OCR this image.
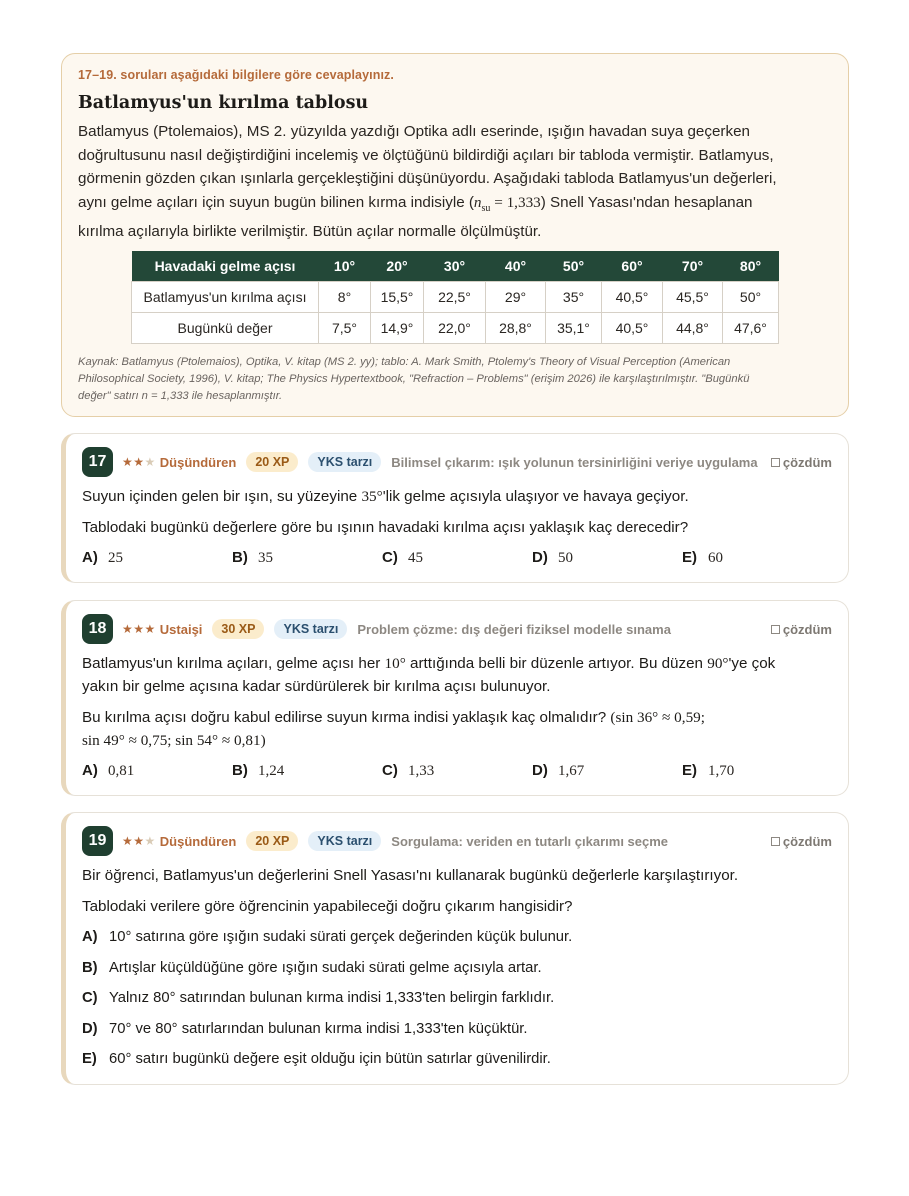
17–19. soruları aşağıdaki bilgilere göre cevaplayınız.
Batlamyus'un kırılma tablosu
Batlamyus (Ptolemaios), MS 2. yüzyılda yazdığı Optika adlı eserinde, ışığın havadan suya geçerken
doğrultusunu nasıl değiştirdiğini incelemiş ve ölçtüğünü bildirdiği açıları bir tabloda vermiştir. Batlamyus,
görmenin gözden çıkan ışınlarla gerçekleştiğini düşünüyordu. Aşağıdaki tabloda Batlamyus'un değerleri,
aynı gelme açıları için suyun bugün bilinen kırma indisiyle $(n_{su} = 1,333)$ Snell Yasası'ndan hesaplanan
kırılma açılarıyla birlikte verilmiştir. Bütün açılar normalle ölçülmüştür.
Havadaki gelme açısı	10°	20°	30°	40°	50°	60°	70°	80°
Batlamyus'un kırılma açısı	8°	15,5°	22,5°	29°	35°	40,5°	45,5°	50°
Bugünkü değer	7,5°	14,9°	22,0°	28,8°	35,1°	40,5°	44,8°	47,6°
Kaynak: Batlamyus (Ptolemaios), Optika, V. kitap (MS 2. yy); tablo: A. Mark Smith, Ptolemy's Theory of Visual Perception (American
Philosophical Society, 1996), V. kitap; The Physics Hypertextbook, "Refraction – Problems" (erişim 2026) ile karşılaştırılmıştır. "Bugünkü
değer" satırı n = 1,333 ile hesaplanmıştır.
17	★★★ Düşündüren	20 XP	YKS tarzı	Bilimsel çıkarım: ışık yolunun tersinirliğini veriye uygulama çözdüm
Suyun içinden gelen bir ışın, su yüzeyine 35°'lik gelme açısıyla ulaşıyor ve havaya geçiyor.
Tablodaki bugünkü değerlere göre bu ışının havadaki kırılma açısı yaklaşık kaç derecedir?
A) 25	B) 35	C) 45	D) 50	E) 60
18	★★★ Ustaişi	30 XP	YKS tarzı	Problem çözme: dış değeri fiziksel modelle sınama	çözdüm
Batlamyus'un kırılma açıları, gelme açısı her 10° arttığında belli bir düzenle artıyor. Bu düzen 90°'ye çok
yakın bir gelme açısına kadar sürdürülerek bir kırılma açısı bulunuyor.
Bu kırılma açısı doğru kabul edilirse suyun kırma indisi yaklaşık kaç olmalıdır? (sin 36° ≈ 0,59;
sin 49° ≈ 0,75; sin 54° ≈ 0,81)
A) 0,81	B) 1,24	C) 1,33	D) 1,67	E) 1,70
19	★★★ Düşündüren	20 XP	YKS tarzı	Sorgulama: veriden en tutarlı çıkarımı seçme	çözdüm
Bir öğrenci, Batlamyus'un değerlerini Snell Yasası'nı kullanarak bugünkü değerlerle karşılaştırıyor.
Tablodaki verilere göre öğrencinin yapabileceği doğru çıkarım hangisidir?
A) 10° satırına göre ışığın sudaki sürati gerçek değerinden küçük bulunur.
B) Artışlar küçüldüğüne göre ışığın sudaki sürati gelme açısıyla artar.
C) Yalnız 80° satırından bulunan kırma indisi 1,333'ten belirgin farklıdır.
D) 70° ve 80° satırlarından bulunan kırma indisi 1,333'ten küçüktür.
E) 60° satırı bugünkü değere eşit olduğu için bütün satırlar güvenilirdir.
